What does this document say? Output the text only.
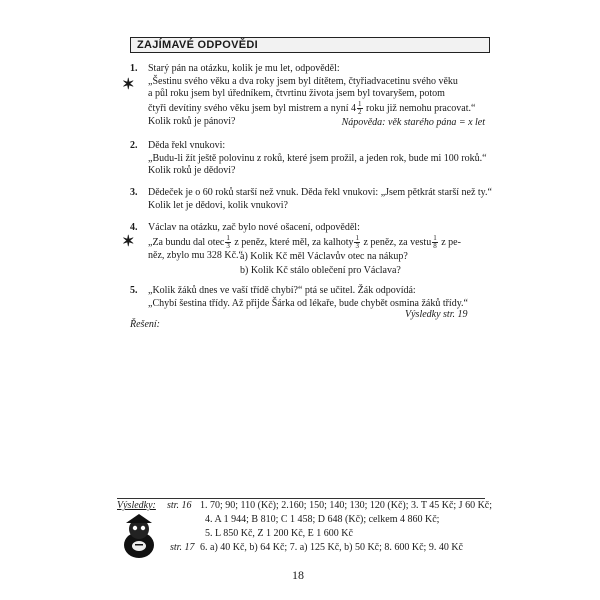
ZAJÍMAVÉ ODPOVĚDI
1.
✶
Starý pán na otázku, kolik je mu let, odpověděl:
„Šestinu svého věku a dva roky jsem byl dítětem, čtyřiadvacetinu svého věku
a půl roku jsem byl úředníkem, čtvrtinu života jsem byl tovaryšem, potom
čtyři devítiny svého věku jsem byl mistrem a nyní $4 \frac{1}{2}$ roku již nemohu pracovat.“
Kolik roků je pánovi?	Nápověda: věk starého pána = x let
2. Děda řekl vnukovi:
„Budu-li žít ještě polovinu z roků, které jsem prožil, a jeden rok, bude mi 100 roků.“
Kolik roků je dědovi?
3. Dědeček je o 60 roků starší než vnuk. Děda řekl vnukovi: „Jsem pětkrát starší než ty.“
Kolik let je dědovi, kolik vnukovi?
4.
✶
Václav na otázku, zač bylo nové ošacení, odpověděl:
„Za bundu dal otec $\frac{1}{3}$ z peněz, které měl, za kalhoty $\frac{1}{3}$ z peněz, za vestu $\frac{1}{8}$ z pe-
něz, zbylo mu 328 Kč.“
a) Kolik Kč měl Václavův otec na nákup?
b) Kolik Kč stálo oblečení pro Václava?
5. „Kolik žáků dnes ve vaší třídě chybí?“ ptá se učitel. Žák odpovídá:
„Chybí šestina třídy. Až přijde Šárka od lékaře, bude chybět osmina žáků třídy.“
Výsledky str. 19
Řešení:
Výsledky: str. 16 1. 70; 90; 110 (Kč); 2.160; 150; 140; 130; 120 (Kč); 3. T 45 Kč; J 60 Kč;
4. A 1 944; B 810; C 1 458; D 648 (Kč); celkem 4 860 Kč;
5. L 850 Kč, Z 1 200 Kč, E 1 600 Kč
str. 17 6. a) 40 Kč, b) 64 Kč; 7. a) 125 Kč, b) 50 Kč; 8. 600 Kč; 9. 40 Kč
18
